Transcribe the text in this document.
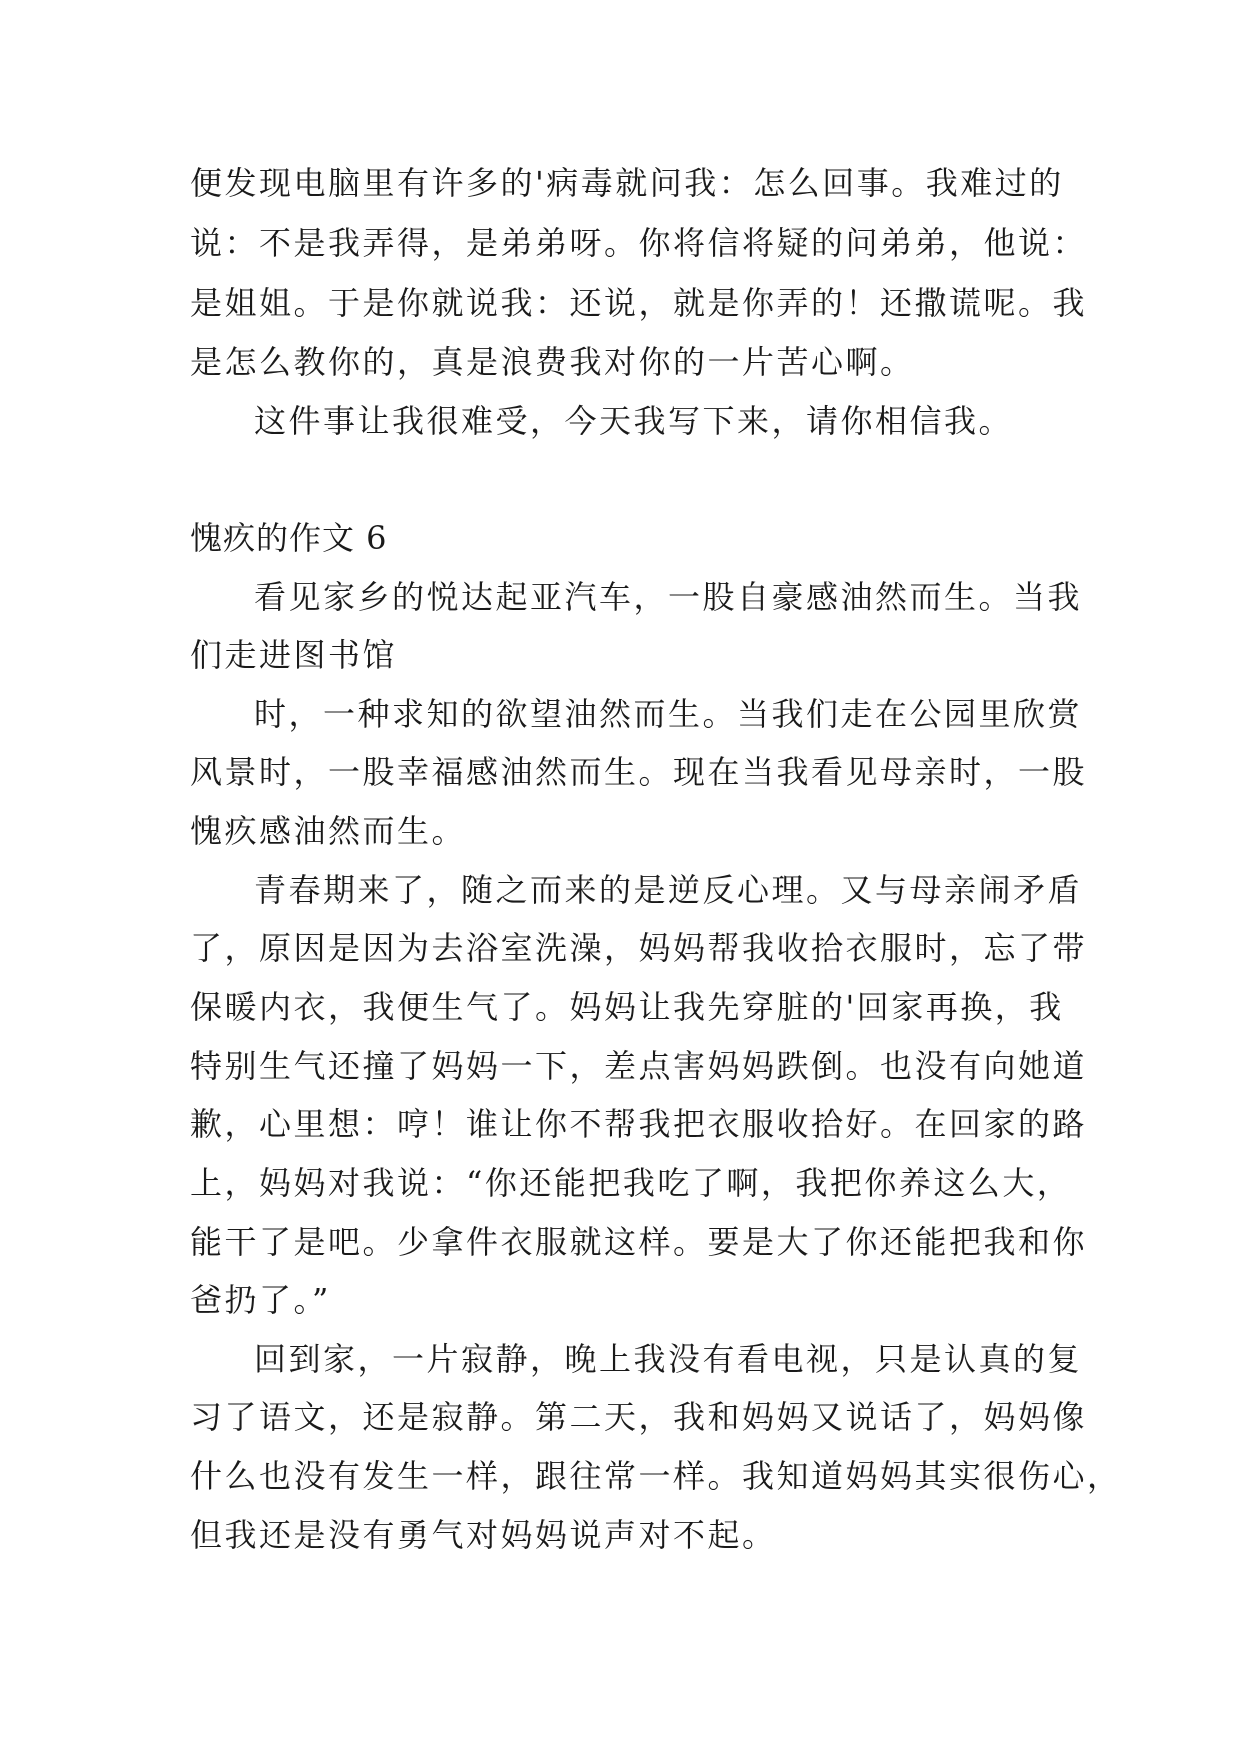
便发现电脑里有许多的'病毒就问我：怎么回事。我难过的
说：不是我弄得，是弟弟呀。你将信将疑的问弟弟，他说：
是姐姐。于是你就说我：还说，就是你弄的！还撒谎呢。我
是怎么教你的，真是浪费我对你的一片苦心啊。
这件事让我很难受，今天我写下来，请你相信我。
愧疚的作文 6
看见家乡的悦达起亚汽车，一股自豪感油然而生。当我
们走进图书馆
时，一种求知的欲望油然而生。当我们走在公园里欣赏
风景时，一股幸福感油然而生。现在当我看见母亲时，一股
愧疚感油然而生。
青春期来了，随之而来的是逆反心理。又与母亲闹矛盾
了，原因是因为去浴室洗澡，妈妈帮我收拾衣服时，忘了带
保暖内衣，我便生气了。妈妈让我先穿脏的'回家再换，我
特别生气还撞了妈妈一下，差点害妈妈跌倒。也没有向她道
歉，心里想：哼！谁让你不帮我把衣服收拾好。在回家的路
上，妈妈对我说：“你还能把我吃了啊，我把你养这么大，
能干了是吧。少拿件衣服就这样。要是大了你还能把我和你
爸扔了。”
回到家，一片寂静，晚上我没有看电视，只是认真的复
习了语文，还是寂静。第二天，我和妈妈又说话了，妈妈像
什么也没有发生一样，跟往常一样。我知道妈妈其实很伤心，
但我还是没有勇气对妈妈说声对不起。
